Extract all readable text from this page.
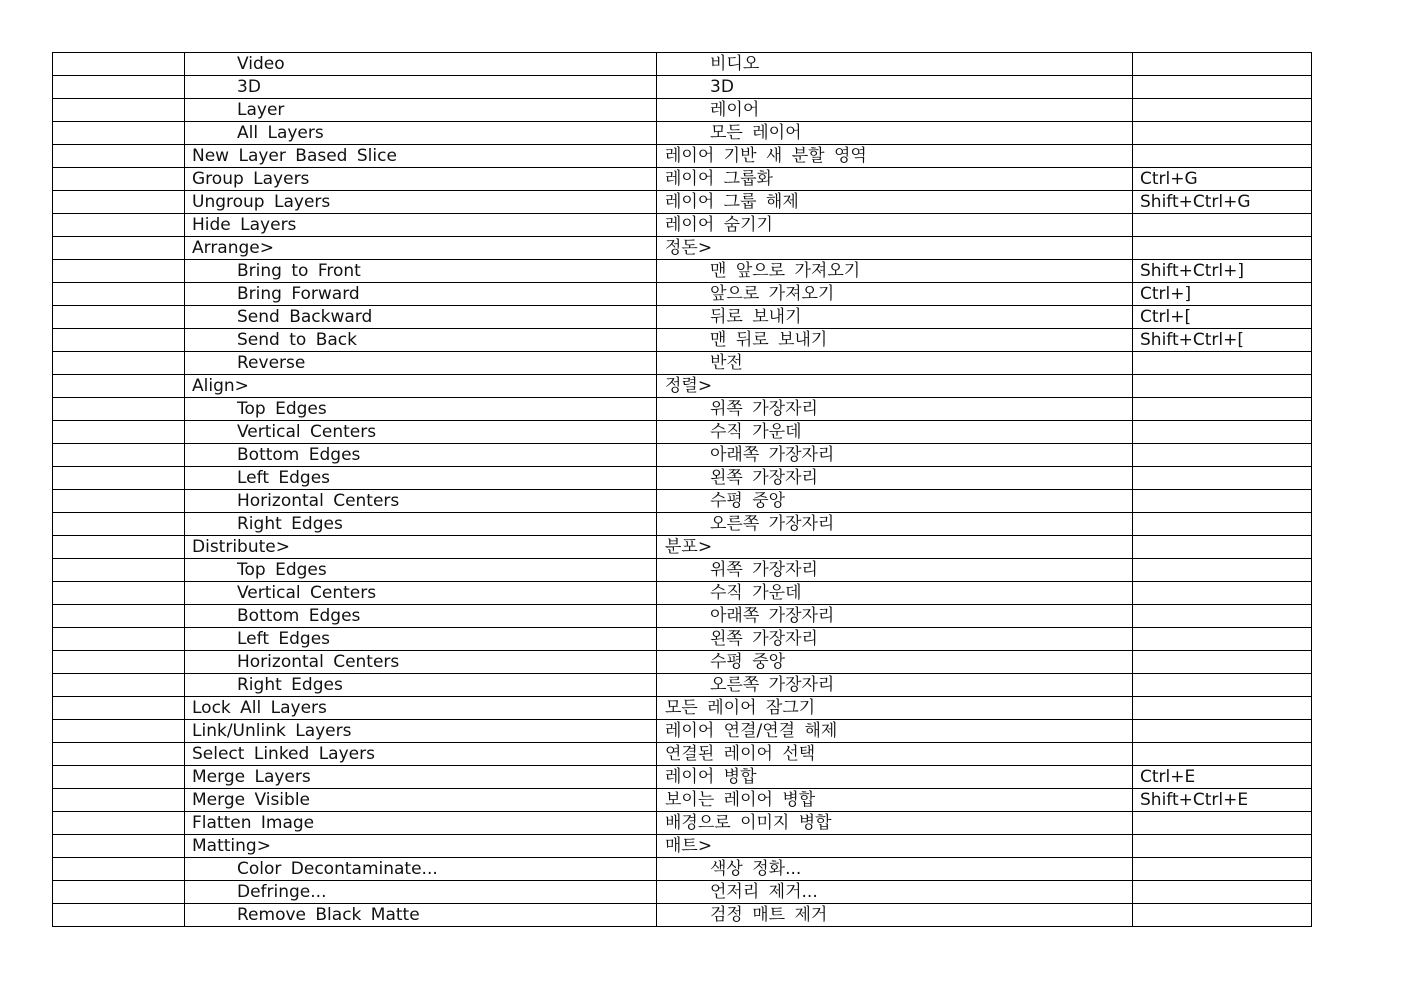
	Video	비디오	
	3D	3D	
	Layer	레이어	
	All Layers	모든 레이어	
	New Layer Based Slice	레이어 기반 새 분할 영역	
	Group Layers	레이어 그룹화	Ctrl+G
	Ungroup Layers	레이어 그룹 해제	Shift+Ctrl+G
	Hide Layers	레이어 숨기기	
	Arrange>	정돈>	
	Bring to Front	맨 앞으로 가져오기	Shift+Ctrl+]
	Bring Forward	앞으로 가져오기	Ctrl+]
	Send Backward	뒤로 보내기	Ctrl+[
	Send to Back	맨 뒤로 보내기	Shift+Ctrl+[
	Reverse	반전	
	Align>	정렬>	
	Top Edges	위쪽 가장자리	
	Vertical Centers	수직 가운데	
	Bottom Edges	아래쪽 가장자리	
	Left Edges	왼쪽 가장자리	
	Horizontal Centers	수평 중앙	
	Right Edges	오른쪽 가장자리	
	Distribute>	분포>	
	Top Edges	위쪽 가장자리	
	Vertical Centers	수직 가운데	
	Bottom Edges	아래쪽 가장자리	
	Left Edges	왼쪽 가장자리	
	Horizontal Centers	수평 중앙	
	Right Edges	오른쪽 가장자리	
	Lock All Layers	모든 레이어 잠그기	
	Link/Unlink Layers	레이어 연결/연결 해제	
	Select Linked Layers	연결된 레이어 선택	
	Merge Layers	레이어 병합	Ctrl+E
	Merge Visible	보이는 레이어 병합	Shift+Ctrl+E
	Flatten Image	배경으로 이미지 병합	
	Matting>	매트>	
	Color Decontaminate...	색상 정화...	
	Defringe...	언저리 제거...	
	Remove Black Matte	검정 매트 제거	
